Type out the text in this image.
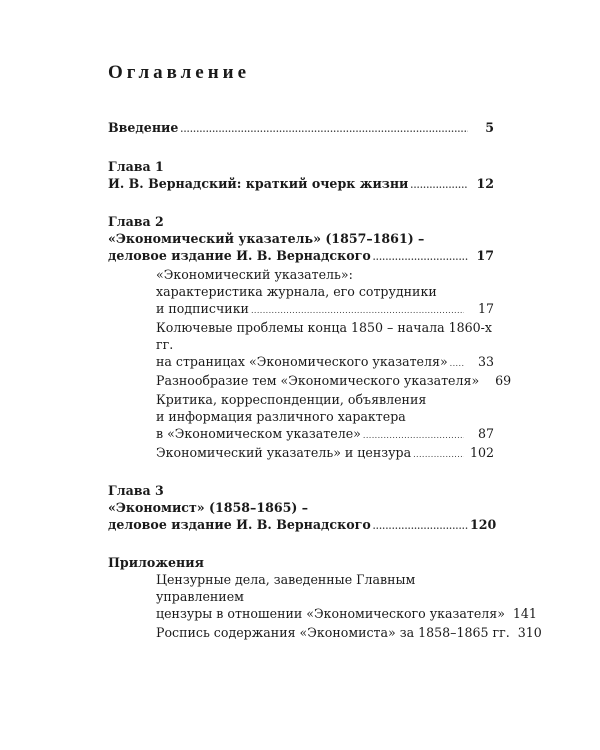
Оглавление
Введение .....	5
Глава 1
И. В. Вернадский: краткий очерк жизни .....	12
Глава 2
«Экономический указатель» (1857–1861) –
деловое издание И. В. Вернадского .....	17
«Экономический указатель»:
характеристика журнала, его сотрудники
и подписчики .....	17
Колючевые проблемы конца 1850 – начала 1860-х гг.
на страницах «Экономического указателя» .....	33
Разнообразие тем «Экономического указателя»	69
Критика, корреспонденции, объявления
и информация различного характера
в «Экономическом указателе» .....	87
Экономический указатель» и цензура .....	102
Глава 3
«Экономист» (1858–1865) –
деловое издание И. В. Вернадского .....	120
Приложения
Цензурные дела, заведенные Главным управлением
цензуры в отношении «Экономического указателя» 141
Роспись содержания «Экономиста» за 1858–1865 гг. 310
